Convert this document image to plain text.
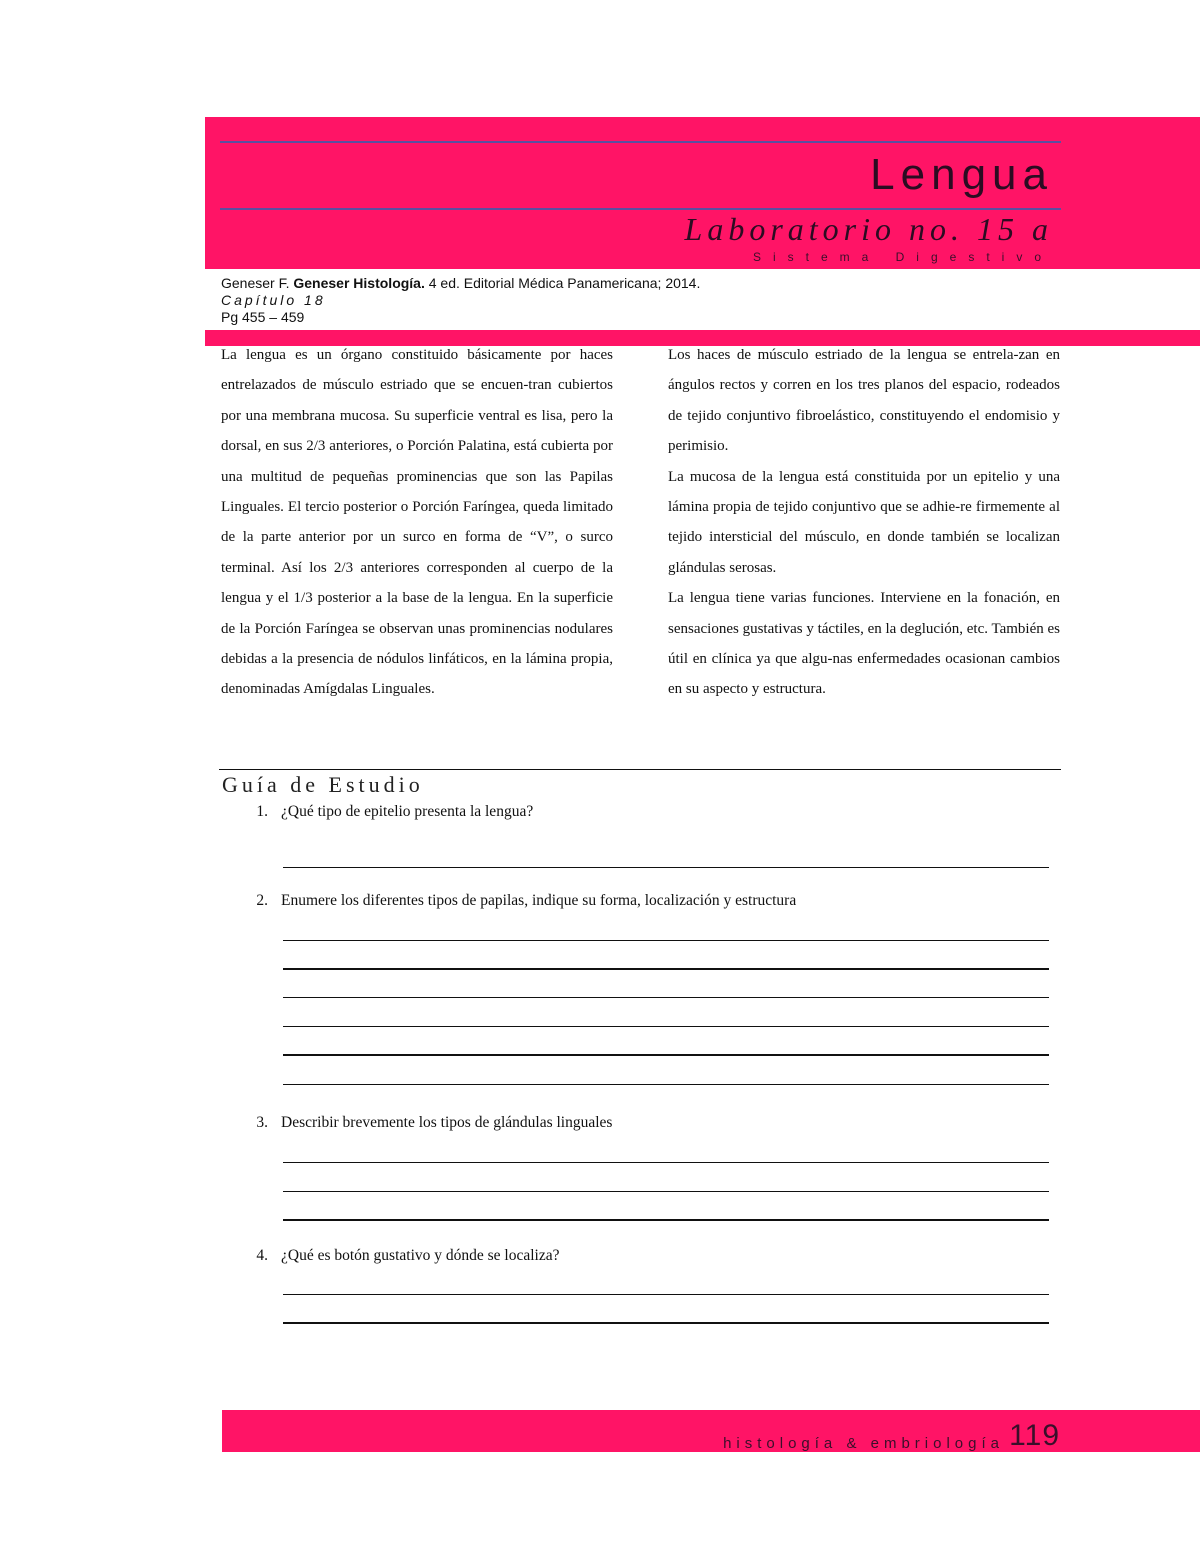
Lengua
Laboratorio no. 15 a
Sistema Digestivo
Geneser F. Geneser Histología. 4 ed. Editorial Médica Panamericana; 2014.
Capítulo 18
Pg 455 – 459

La lengua es un órgano constituido básicamente por haces entrelazados de músculo estriado que se encuen-tran cubiertos por una membrana mucosa. Su superficie ventral es lisa, pero la dorsal, en sus 2/3 anteriores, o Porción Palatina, está cubierta por una multitud de pequeñas prominencias que son las Papilas Linguales. El tercio posterior o Porción Faríngea, queda limitado de la parte anterior por un surco en forma de “V”, o surco terminal. Así los 2/3 anteriores corresponden al cuerpo de la lengua y el 1/3 posterior a la base de la lengua. En la superficie de la Porción Faríngea se observan unas prominencias nodulares debidas a la presencia de nódulos linfáticos, en la lámina propia, denominadas Amígdalas Linguales.

Los haces de músculo estriado de la lengua se entrela-zan en ángulos rectos y corren en los tres planos del espacio, rodeados de tejido conjuntivo fibroelástico, constituyendo el endomisio y perimisio.

La mucosa de la lengua está constituida por un epitelio y una lámina propia de tejido conjuntivo que se adhie-re firmemente al tejido intersticial del músculo, en donde también se localizan glándulas serosas.

La lengua tiene varias funciones. Interviene en la fonación, en sensaciones gustativas y táctiles, en la deglución, etc. También es útil en clínica ya que algu-nas enfermedades ocasionan cambios en su aspecto y estructura.

Guía de Estudio
1. ¿Qué tipo de epitelio presenta la lengua?
2. Enumere los diferentes tipos de papilas, indique su forma, localización y estructura
3. Describir brevemente los tipos de glándulas linguales
4. ¿Qué es botón gustativo y dónde se localiza?
histología & embriología 119
